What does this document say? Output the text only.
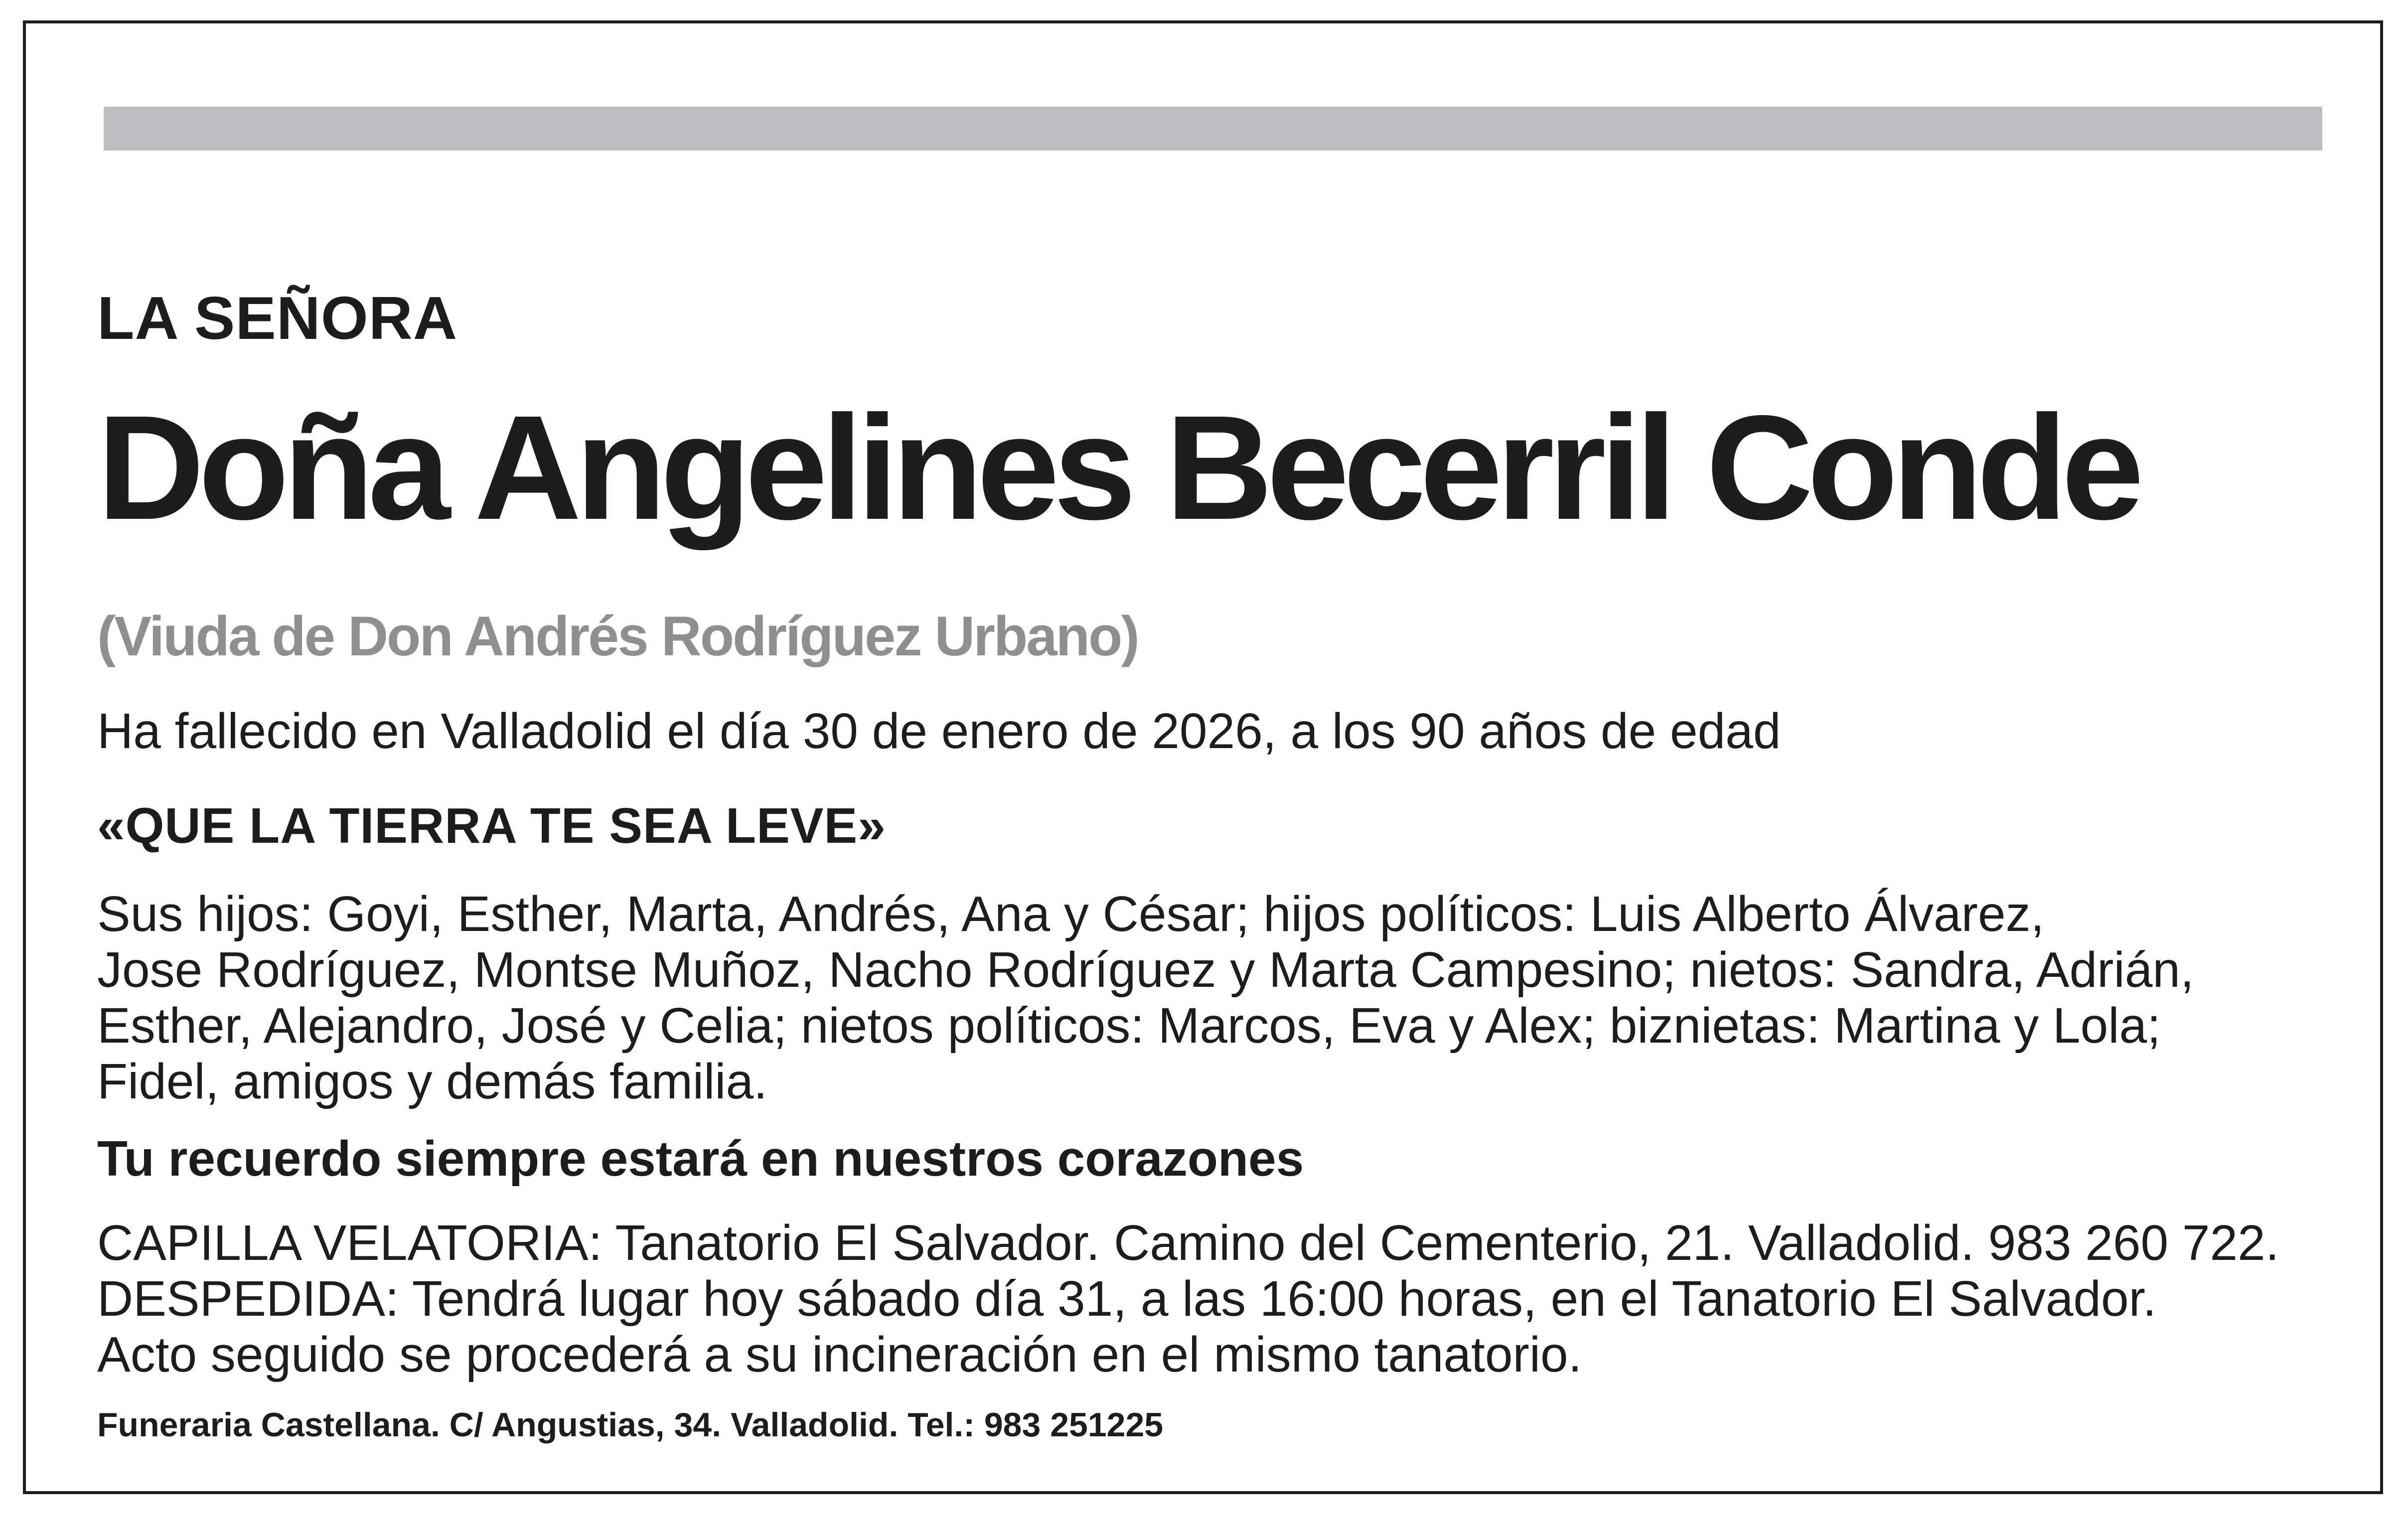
LA SEÑORA
Doña Angelines Becerril Conde
(Viuda de Don Andrés Rodríguez Urbano)
Ha fallecido en Valladolid el día 30 de enero de 2026, a los 90 años de edad
«QUE LA TIERRA TE SEA LEVE»
Sus hijos: Goyi, Esther, Marta, Andrés, Ana y César; hijos políticos: Luis Alberto Álvarez,
Jose Rodríguez, Montse Muñoz, Nacho Rodríguez y Marta Campesino; nietos: Sandra, Adrián,
Esther, Alejandro, José y Celia; nietos políticos: Marcos, Eva y Alex; biznietas: Martina y Lola;
Fidel, amigos y demás familia.
Tu recuerdo siempre estará en nuestros corazones
CAPILLA VELATORIA: Tanatorio El Salvador. Camino del Cementerio, 21. Valladolid. 983 260 722.
DESPEDIDA: Tendrá lugar hoy sábado día 31, a las 16:00 horas, en el Tanatorio El Salvador.
Acto seguido se procederá a su incineración en el mismo tanatorio.
Funeraria Castellana. C/ Angustias, 34. Valladolid. Tel.: 983 251225
